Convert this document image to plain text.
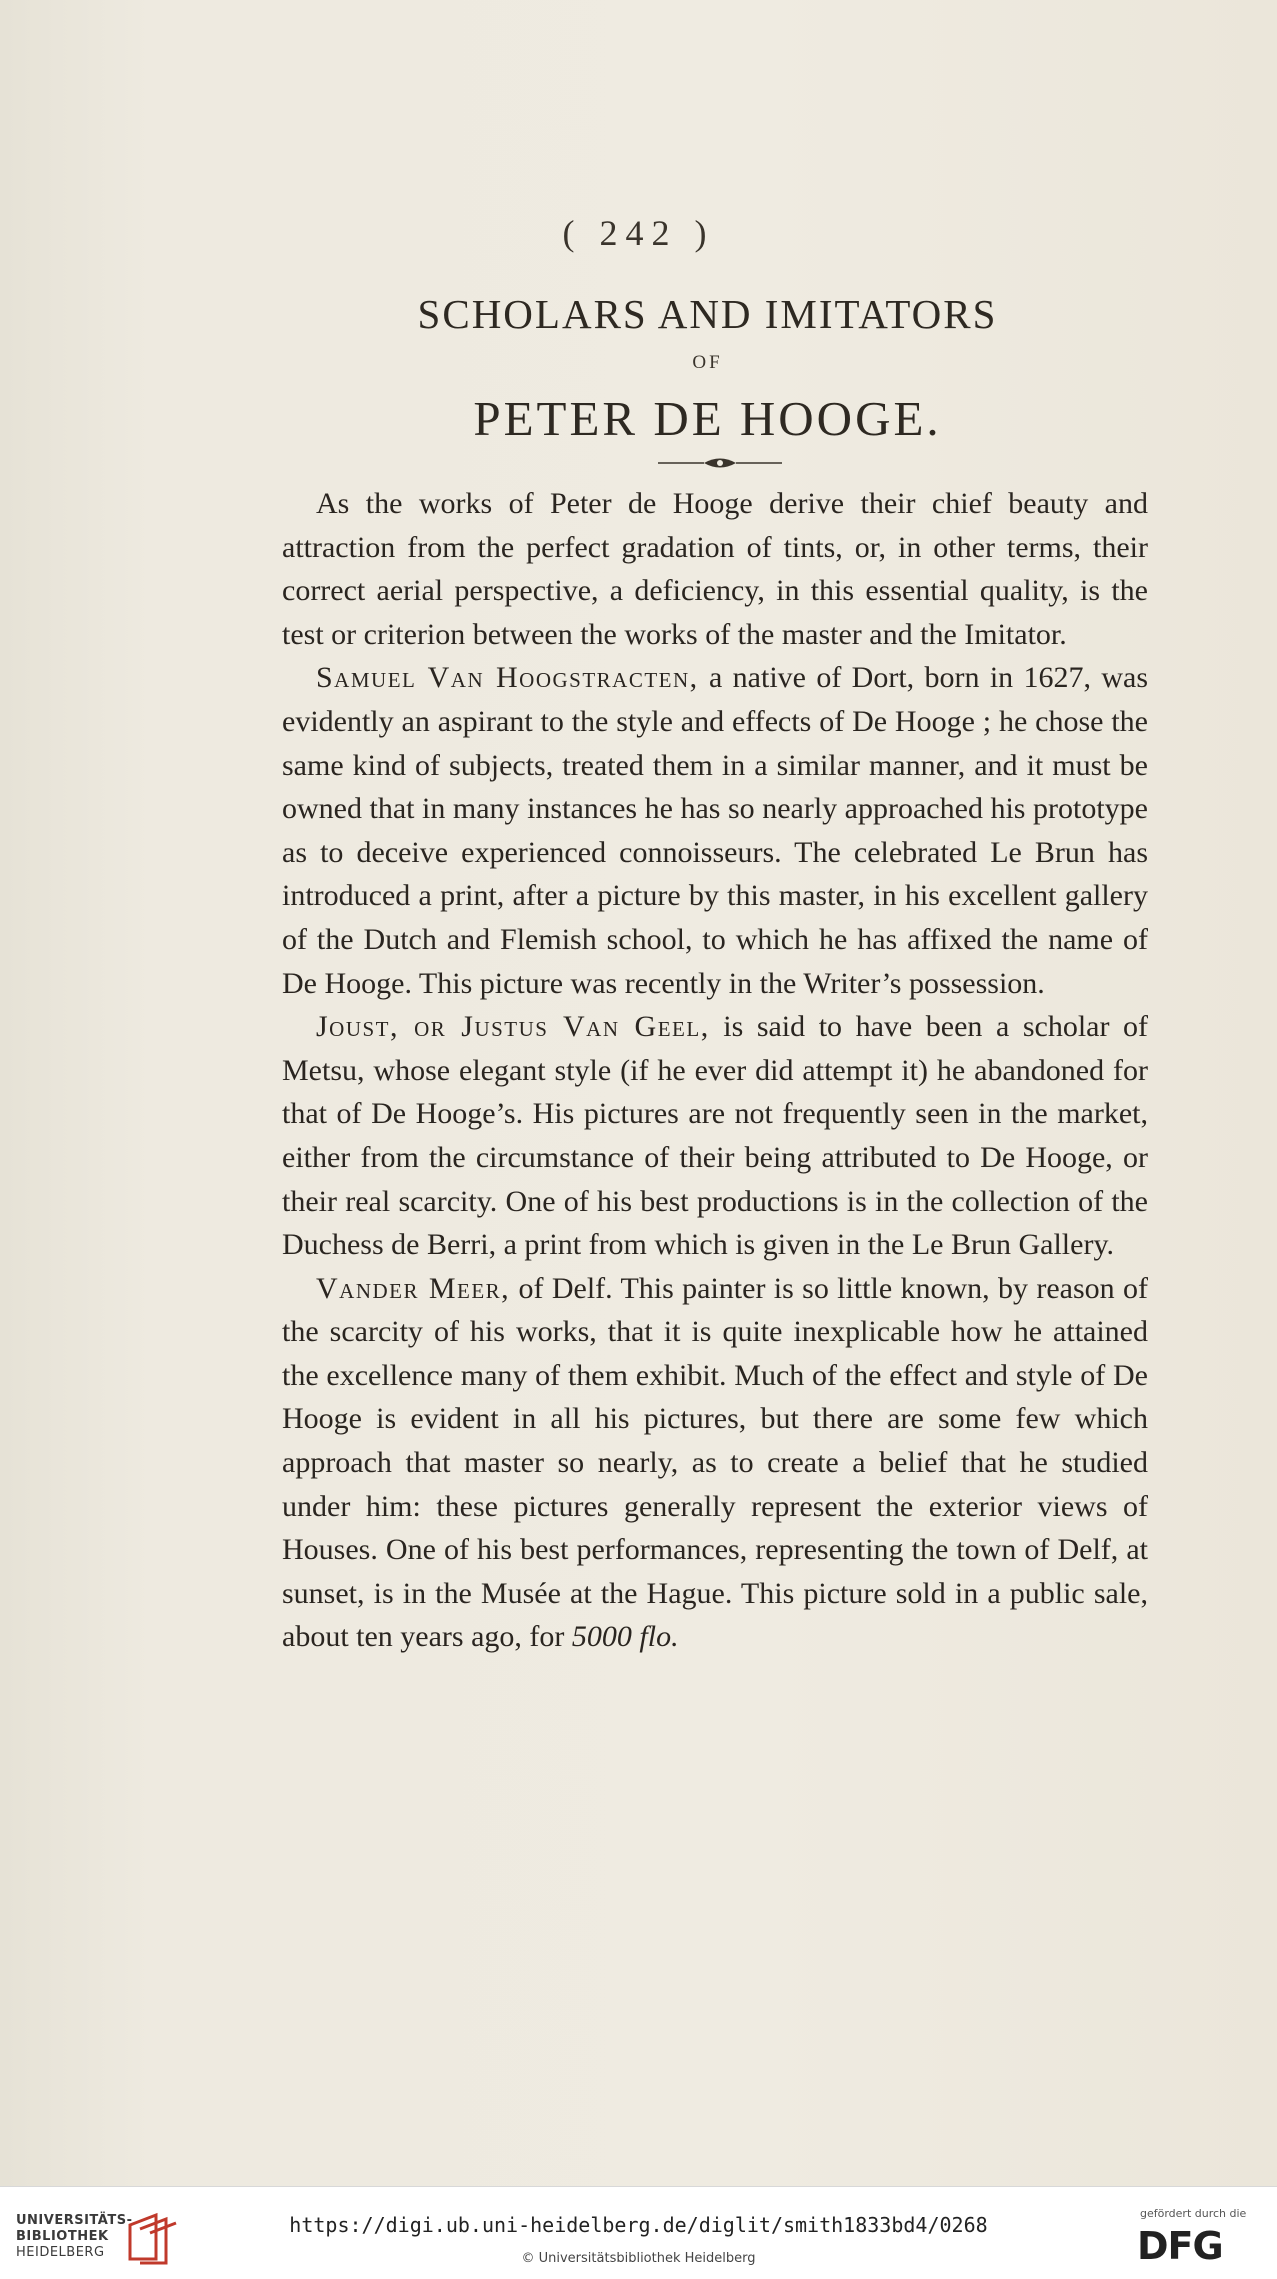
( 242 )
SCHOLARS AND IMITATORS
OF
PETER DE HOOGE.

As the works of Peter de Hooge derive their chief beauty and attraction from the perfect gradation of tints, or, in other terms, their correct aerial perspective, a deficiency, in this essential quality, is the test or criterion between the works of the master and the Imitator.

Samuel Van Hoogstracten, a native of Dort, born in 1627, was evidently an aspirant to the style and effects of De Hooge ; he chose the same kind of subjects, treated them in a similar manner, and it must be owned that in many instances he has so nearly approached his prototype as to deceive experienced connoisseurs. The celebrated Le Brun has introduced a print, after a picture by this master, in his excellent gallery of the Dutch and Flemish school, to which he has affixed the name of De Hooge. This picture was recently in the Writer’s possession.

Joust, or Justus Van Geel, is said to have been a scholar of Metsu, whose elegant style (if he ever did attempt it) he abandoned for that of De Hooge’s. His pictures are not frequently seen in the market, either from the circumstance of their being attributed to De Hooge, or their real scarcity. One of his best productions is in the collection of the Duchess de Berri, a print from which is given in the Le Brun Gallery.

Vander Meer, of Delf. This painter is so little known, by reason of the scarcity of his works, that it is quite inexplicable how he attained the excellence many of them exhibit. Much of the effect and style of De Hooge is evident in all his pictures, but there are some few which approach that master so nearly, as to create a belief that he studied under him: these pictures generally represent the exterior views of Houses. One of his best performances, representing the town of Delf, at sunset, is in the Musée at the Hague. This picture sold in a public sale, about ten years ago, for 5000 flo.

UNIVERSITÄTS-
BIBLIOTHEK
HEIDELBERG
https://digi.ub.uni-heidelberg.de/diglit/smith1833bd4/0268
© Universitätsbibliothek Heidelberg
gefördert durch die
DFG
